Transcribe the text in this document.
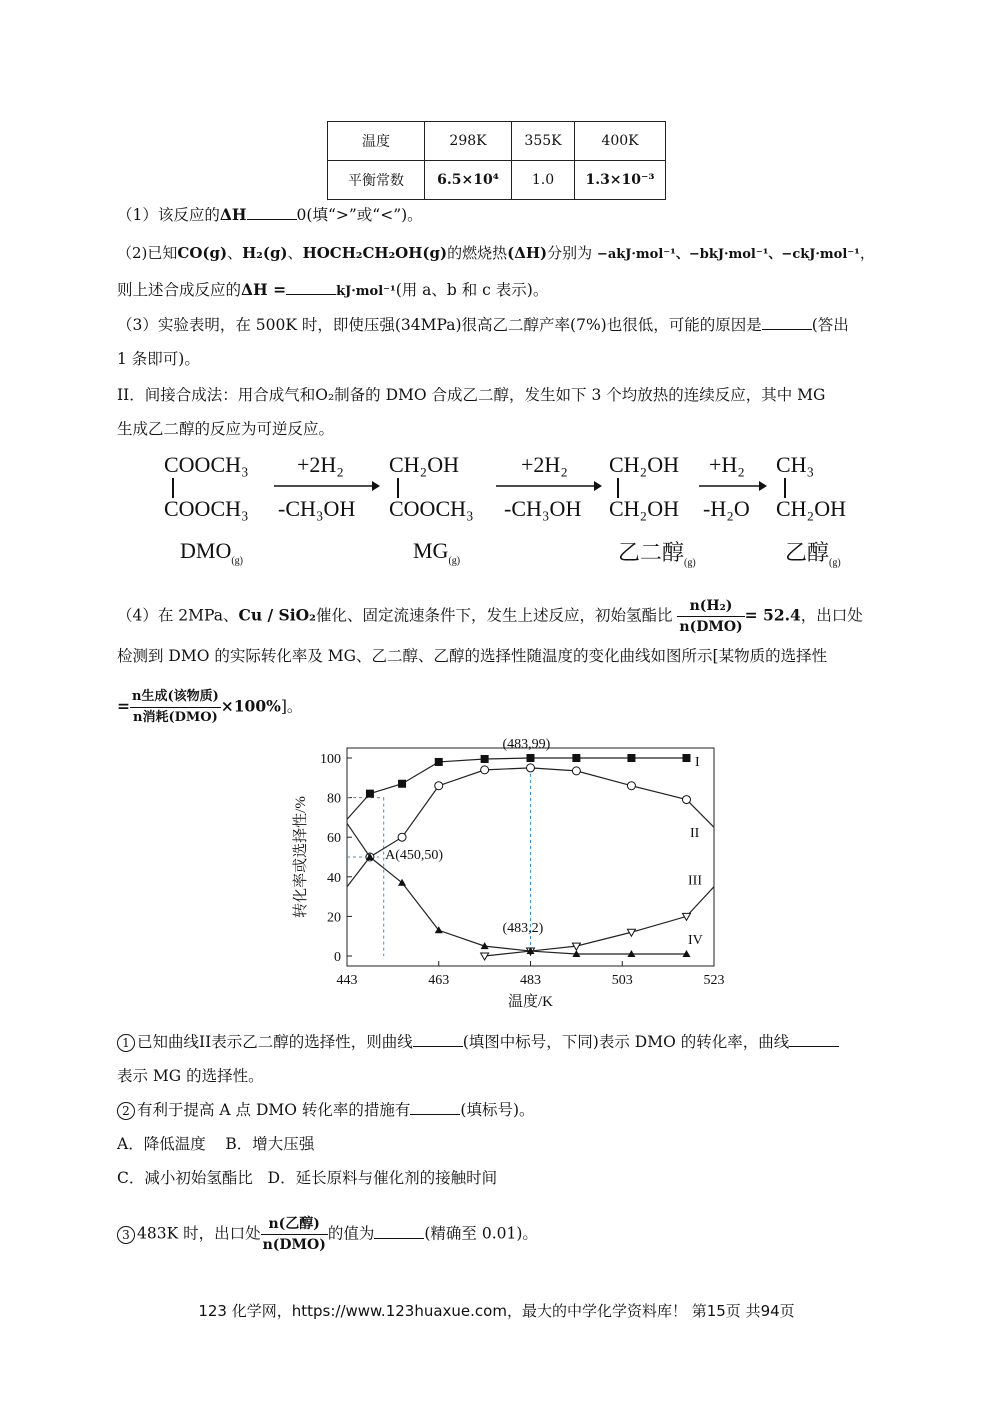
温度	298K	355K	400K
平衡常数	6.5×10⁴	1.0	1.3×10⁻³
（1）该反应的ΔH	0(填“>”或“<”)。
（2)已知CO(g)、H₂(g)、HOCH₂CH₂OH(g)的燃烧热(ΔH)分别为 −akJ·mol⁻¹、−bkJ·mol⁻¹、−ckJ·mol⁻¹，
则上述合成反应的ΔH =	kJ·mol⁻¹(用 a、b 和 c 表示)。
（3）实验表明，在 500K 时，即使压强(34MPa)很高乙二醇产率(7%)也很低，可能的原因是	(答出
1 条即可)。
II．间接合成法：用合成气和O₂制备的 DMO 合成乙二醇，发生如下 3 个均放热的连续反应，其中 MG
生成乙二醇的反应为可逆反应。
COOCH₃
COOCH₃
$DMO_{(g)}$
+2H₂
-CH₃OH
CH₂OH
COOCH₃
$MG_{(g)}$
+2H₂
-CH₃OH
CH₂OH
CH₂OH
乙二醇$_{(g)}$
+H₂
-H₂O
CH₃
CH₂OH
乙醇$_{(g)}$
（4）在 2MPa、Cu / SiO₂催化、固定流速条件下，发生上述反应，初始氢酯比 $\frac{\text{n(H₂)}}{\text{n(DMO)}} = 52.4$，出口处
检测到 DMO 的实际转化率及 MG、乙二醇、乙醇的选择性随温度的变化曲线如图所示[某物质的选择性
= $\frac{\text{n生成(该物质)}}{\text{n消耗(DMO)}} \times 100\%$]。
443	463	483	503	523
0
20
40
60
80
100
温度/K
转化率或选择性/%
I
II
III
IV
(483,99)
A(450,50)
(483,2)
1 已知曲线II表示乙二醇的选择性，则曲线	(填图中标号，下同)表示 DMO 的转化率，曲线
表示 MG 的选择性。
2 有利于提高 A 点 DMO 转化率的措施有	(填标号)。
A．降低温度 B．增大压强
C．减小初始氢酯比 D．延长原料与催化剂的接触时间
3 483K 时，出口处 $\frac{\text{n(乙醇)}}{\text{n(DMO)}}$ 的值为	(精确至 0.01)。
123 化学网，https://www.123huaxue.com，最大的中学化学资料库！ 第15页 共94页
